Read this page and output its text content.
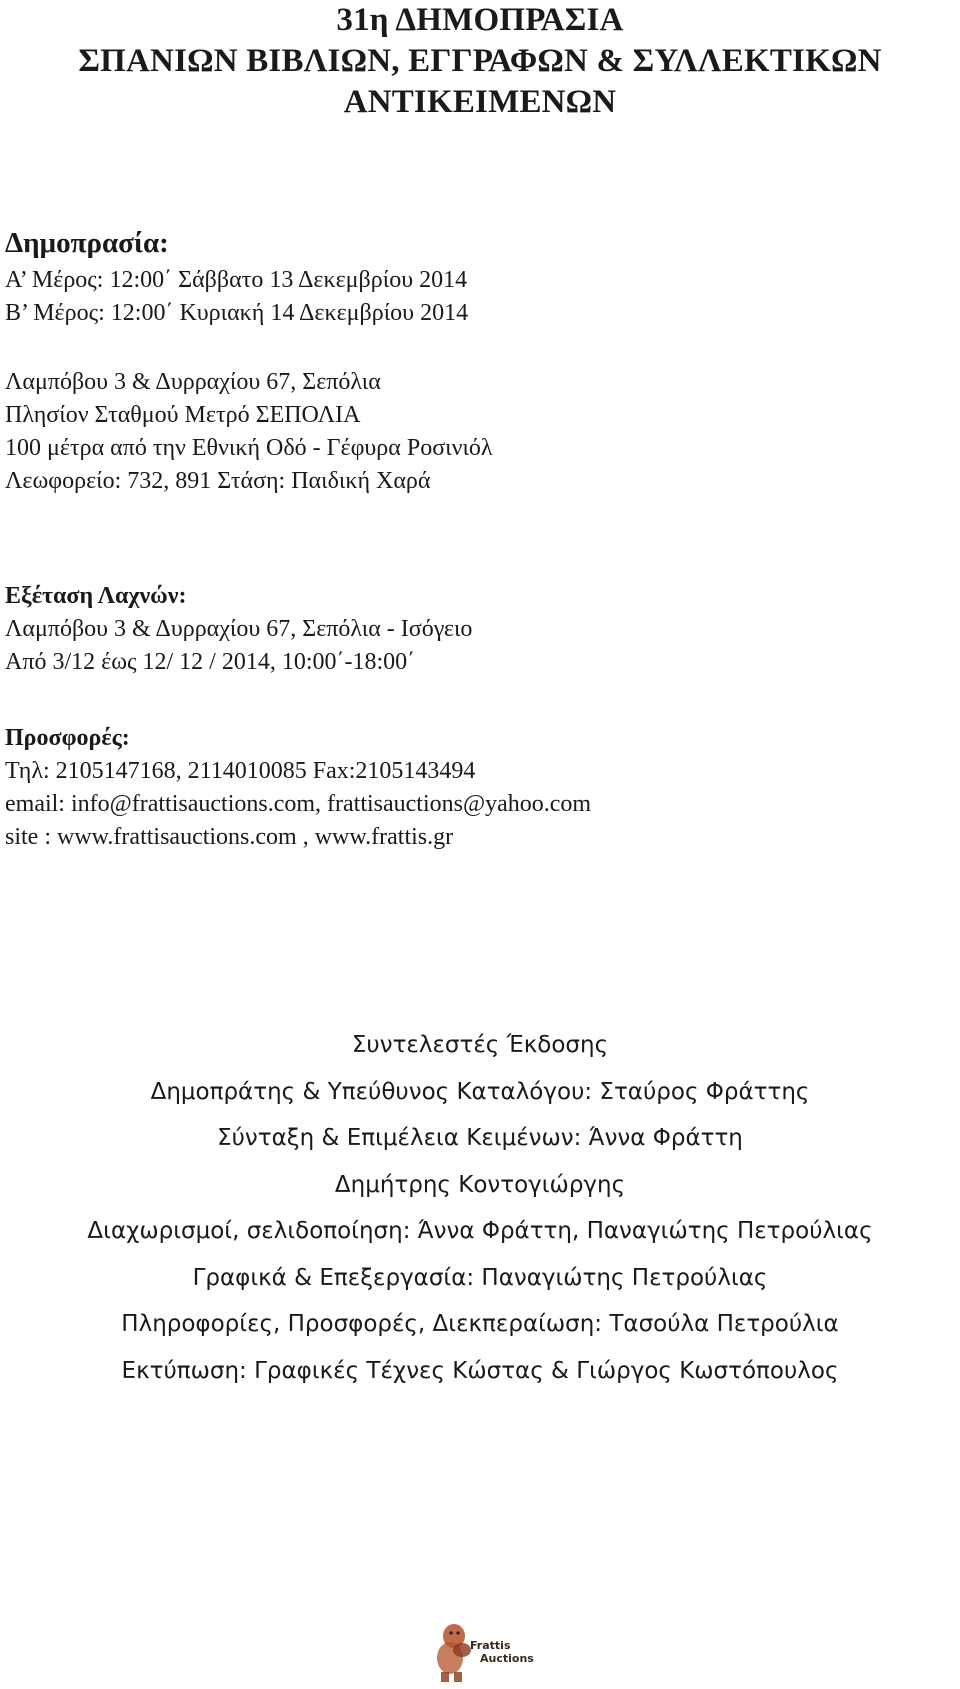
31η ΔΗΜΟΠΡΑΣΙΑ
ΣΠΑΝΙΩΝ ΒΙΒΛΙΩΝ, ΕΓΓΡΑΦΩΝ & ΣΥΛΛΕΚΤΙΚΩΝ
ΑΝΤΙΚΕΙΜΕΝΩΝ
Δημοπρασία:
Α’ Μέρος: 12:00΄ Σάββατο 13 Δεκεμβρίου 2014
Β’ Μέρος: 12:00΄ Κυριακή 14 Δεκεμβρίου 2014
Λαμπόβου 3 & Δυρραχίου 67, Σεπόλια
Πλησίον Σταθμού Μετρό ΣΕΠΟΛΙΑ
100 μέτρα από την Εθνική Οδό - Γέφυρα Ροσινιόλ
Λεωφορείο: 732, 891 Στάση: Παιδική Χαρά
Εξέταση Λαχνών:
Λαμπόβου 3 & Δυρραχίου 67, Σεπόλια - Ισόγειο
Από 3/12 έως 12/ 12 / 2014, 10:00΄-18:00΄
Προσφορές:
Τηλ: 2105147168, 2114010085 Fax:2105143494
email: info@frattisauctions.com, frattisauctions@yahoo.com
site : www.frattisauctions.com , www.frattis.gr
Συντελεστές Έκδοσης
Δημοπράτης & Υπεύθυνος Καταλόγου: Σταύρος Φράττης
Σύνταξη & Επιμέλεια Κειμένων: Άννα Φράττη
Δημήτρης Κοντογιώργης
Διαχωρισμοί, σελιδοποίηση: Άννα Φράττη, Παναγιώτης Πετρούλιας
Γραφικά & Επεξεργασία: Παναγιώτης Πετρούλιας
Πληροφορίες, Προσφορές, Διεκπεραίωση: Τασούλα Πετρούλια
Εκτύπωση: Γραφικές Τέχνες Κώστας & Γιώργος Κωστόπουλος
Frattis
Auctions
